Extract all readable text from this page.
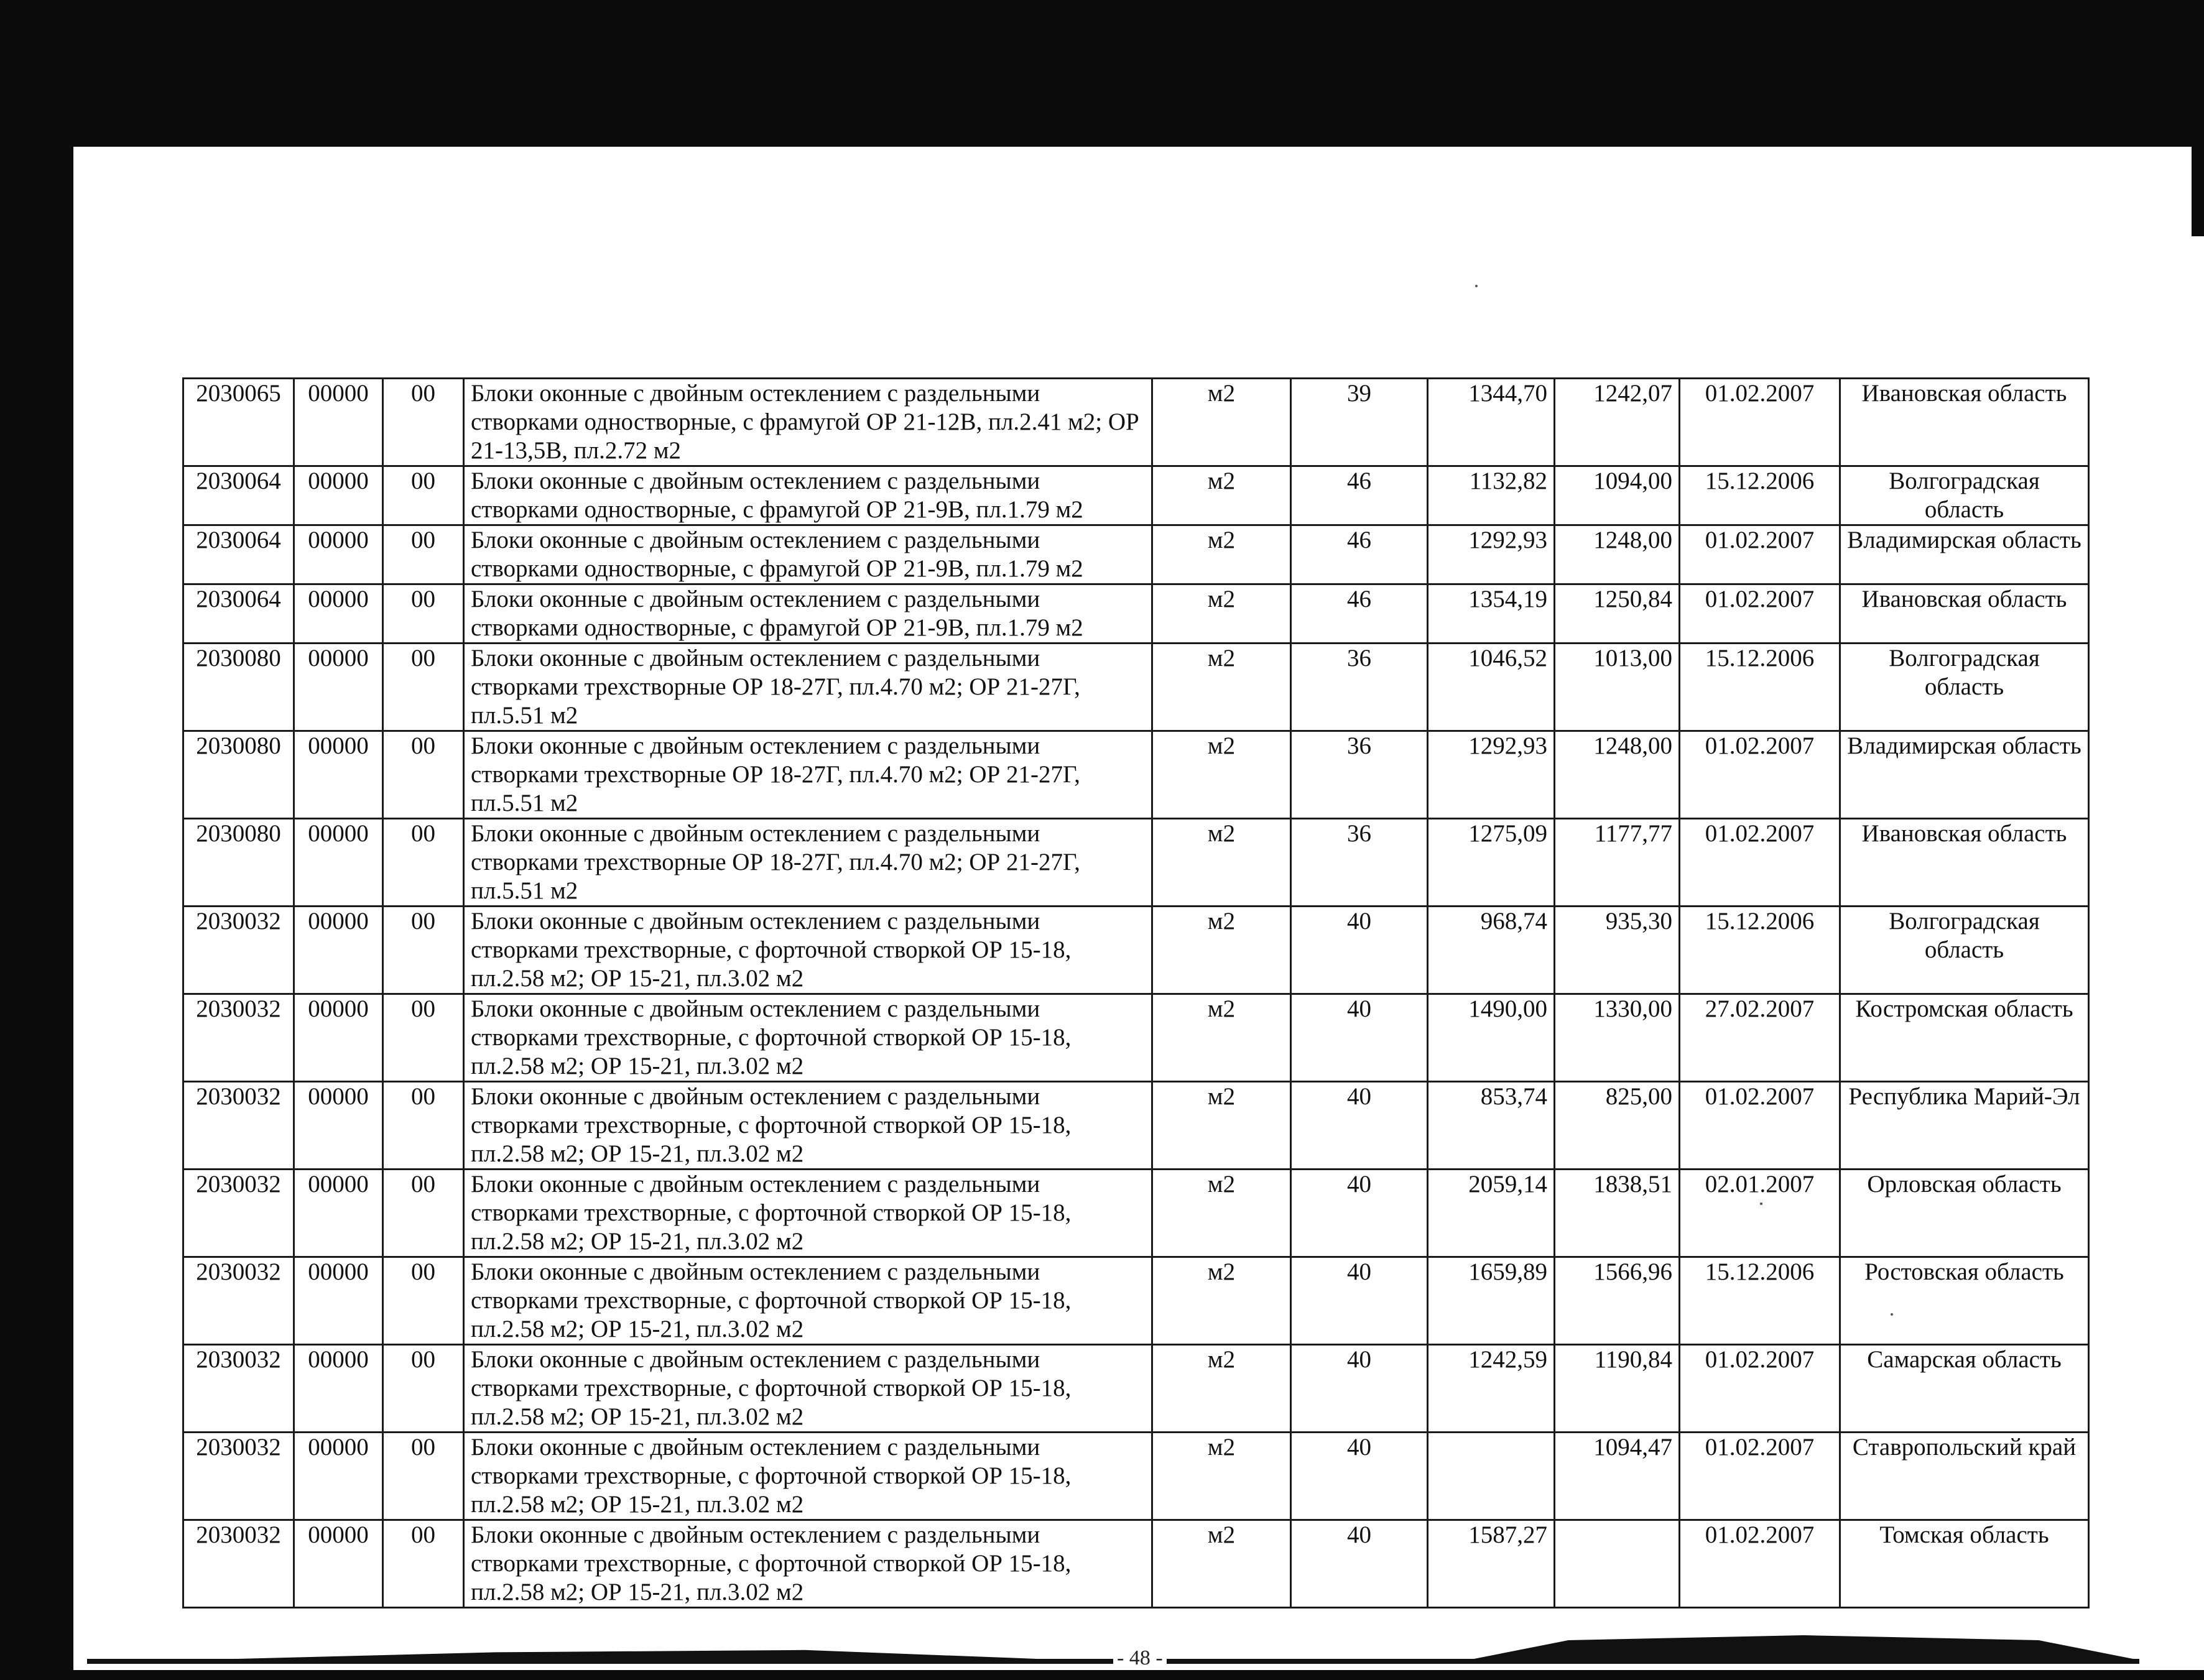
2030065	00000	00	Блоки оконные с двойным остеклением с раздельными створками одностворные, с фрамугой ОР 21-12В, пл.2.41 м2; ОР 21-13,5В, пл.2.72 м2	м2	39	1344,70	1242,07	01.02.2007	Ивановская область
2030064	00000	00	Блоки оконные с двойным остеклением с раздельными створками одностворные, с фрамугой ОР 21-9В, пл.1.79 м2	м2	46	1132,82	1094,00	15.12.2006	Волгоградская область
2030064	00000	00	Блоки оконные с двойным остеклением с раздельными створками одностворные, с фрамугой ОР 21-9В, пл.1.79 м2	м2	46	1292,93	1248,00	01.02.2007	Владимирская область
2030064	00000	00	Блоки оконные с двойным остеклением с раздельными створками одностворные, с фрамугой ОР 21-9В, пл.1.79 м2	м2	46	1354,19	1250,84	01.02.2007	Ивановская область
2030080	00000	00	Блоки оконные с двойным остеклением с раздельными створками трехстворные ОР 18-27Г, пл.4.70 м2; ОР 21-27Г, пл.5.51 м2	м2	36	1046,52	1013,00	15.12.2006	Волгоградская область
2030080	00000	00	Блоки оконные с двойным остеклением с раздельными створками трехстворные ОР 18-27Г, пл.4.70 м2; ОР 21-27Г, пл.5.51 м2	м2	36	1292,93	1248,00	01.02.2007	Владимирская область
2030080	00000	00	Блоки оконные с двойным остеклением с раздельными створками трехстворные ОР 18-27Г, пл.4.70 м2; ОР 21-27Г, пл.5.51 м2	м2	36	1275,09	1177,77	01.02.2007	Ивановская область
2030032	00000	00	Блоки оконные с двойным остеклением с раздельными створками трехстворные, с форточной створкой ОР 15-18, пл.2.58 м2; ОР 15-21, пл.3.02 м2	м2	40	968,74	935,30	15.12.2006	Волгоградская область
2030032	00000	00	Блоки оконные с двойным остеклением с раздельными створками трехстворные, с форточной створкой ОР 15-18, пл.2.58 м2; ОР 15-21, пл.3.02 м2	м2	40	1490,00	1330,00	27.02.2007	Костромская область
2030032	00000	00	Блоки оконные с двойным остеклением с раздельными створками трехстворные, с форточной створкой ОР 15-18, пл.2.58 м2; ОР 15-21, пл.3.02 м2	м2	40	853,74	825,00	01.02.2007	Республика Марий-Эл
2030032	00000	00	Блоки оконные с двойным остеклением с раздельными створками трехстворные, с форточной створкой ОР 15-18, пл.2.58 м2; ОР 15-21, пл.3.02 м2	м2	40	2059,14	1838,51	02.01.2007	Орловская область
2030032	00000	00	Блоки оконные с двойным остеклением с раздельными створками трехстворные, с форточной створкой ОР 15-18, пл.2.58 м2; ОР 15-21, пл.3.02 м2	м2	40	1659,89	1566,96	15.12.2006	Ростовская область
2030032	00000	00	Блоки оконные с двойным остеклением с раздельными створками трехстворные, с форточной створкой ОР 15-18, пл.2.58 м2; ОР 15-21, пл.3.02 м2	м2	40	1242,59	1190,84	01.02.2007	Самарская область
2030032	00000	00	Блоки оконные с двойным остеклением с раздельными створками трехстворные, с форточной створкой ОР 15-18, пл.2.58 м2; ОР 15-21, пл.3.02 м2	м2	40		1094,47	01.02.2007	Ставропольский край
2030032	00000	00	Блоки оконные с двойным остеклением с раздельными створками трехстворные, с форточной створкой ОР 15-18, пл.2.58 м2; ОР 15-21, пл.3.02 м2	м2	40	1587,27		01.02.2007	Томская область
- 48 -
